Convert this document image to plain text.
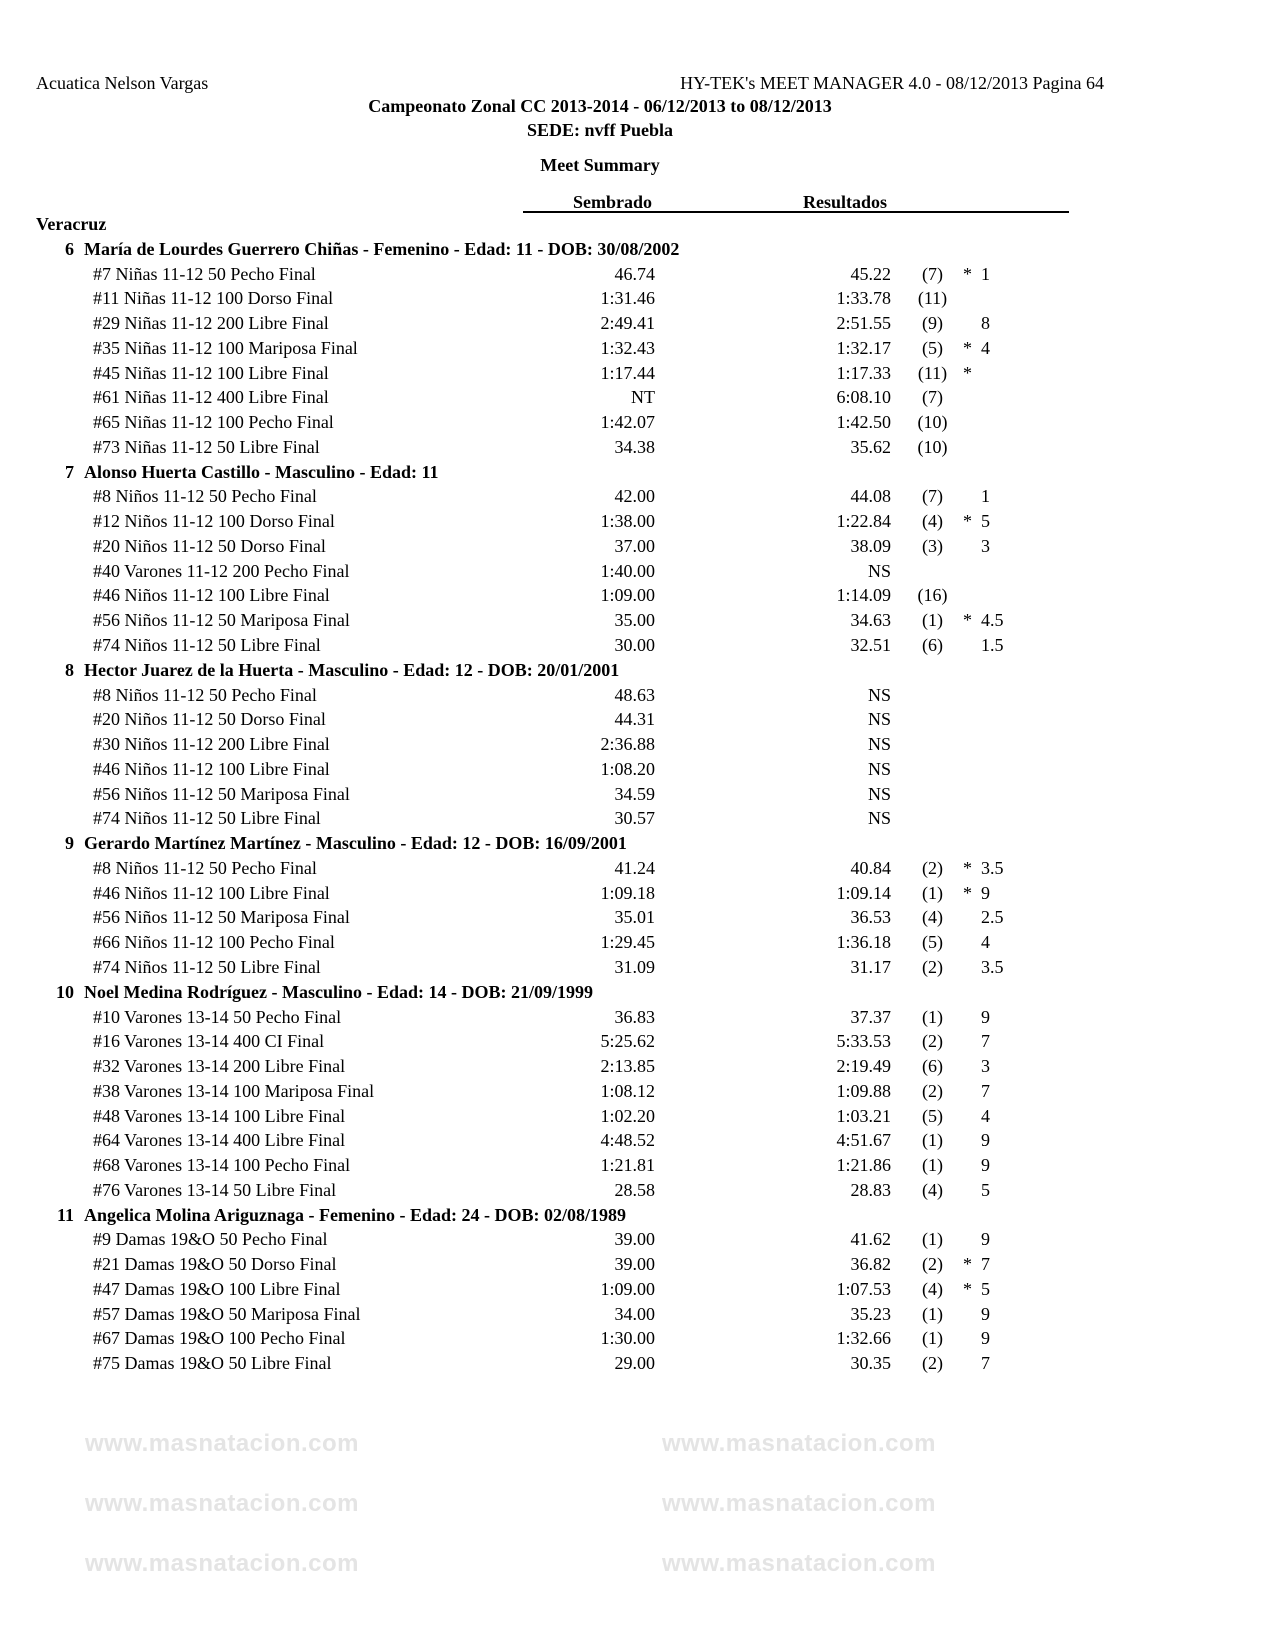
www.masnatacion.com	www.masnatacion.com
www.masnatacion.com	www.masnatacion.com
www.masnatacion.com	www.masnatacion.com
Acuatica Nelson Vargas	HY-TEK's MEET MANAGER 4.0 - 08/12/2013 Pagina 64
Campeonato Zonal CC 2013-2014 - 06/12/2013 to 08/12/2013
SEDE: nvff Puebla
Meet Summary
Sembrado	Resultados
Veracruz
6 María de Lourdes Guerrero Chiñas - Femenino - Edad: 11 - DOB: 30/08/2002
#7 Niñas 11-12 50 Pecho Final	46.74	45.22	(7)	* 1
#11 Niñas 11-12 100 Dorso Final	1:31.46	1:33.78	(11)
#29 Niñas 11-12 200 Libre Final	2:49.41	2:51.55	(9)	8
#35 Niñas 11-12 100 Mariposa Final	1:32.43	1:32.17	(5)	* 4
#45 Niñas 11-12 100 Libre Final	1:17.44	1:17.33	(11) *
#61 Niñas 11-12 400 Libre Final	NT	6:08.10	(7)
#65 Niñas 11-12 100 Pecho Final	1:42.07	1:42.50	(10)
#73 Niñas 11-12 50 Libre Final	34.38	35.62	(10)
7 Alonso Huerta Castillo - Masculino - Edad: 11
#8 Niños 11-12 50 Pecho Final	42.00	44.08	(7)	1
#12 Niños 11-12 100 Dorso Final	1:38.00	1:22.84	(4)	* 5
#20 Niños 11-12 50 Dorso Final	37.00	38.09	(3)	3
#40 Varones 11-12 200 Pecho Final	1:40.00	NS
#46 Niños 11-12 100 Libre Final	1:09.00	1:14.09	(16)
#56 Niños 11-12 50 Mariposa Final	35.00	34.63	(1)	* 4.5
#74 Niños 11-12 50 Libre Final	30.00	32.51	(6)	1.5
8 Hector Juarez de la Huerta - Masculino - Edad: 12 - DOB: 20/01/2001
#8 Niños 11-12 50 Pecho Final	48.63	NS
#20 Niños 11-12 50 Dorso Final	44.31	NS
#30 Niños 11-12 200 Libre Final	2:36.88	NS
#46 Niños 11-12 100 Libre Final	1:08.20	NS
#56 Niños 11-12 50 Mariposa Final	34.59	NS
#74 Niños 11-12 50 Libre Final	30.57	NS
9 Gerardo Martínez Martínez - Masculino - Edad: 12 - DOB: 16/09/2001
#8 Niños 11-12 50 Pecho Final	41.24	40.84	(2)	* 3.5
#46 Niños 11-12 100 Libre Final	1:09.18	1:09.14	(1)	* 9
#56 Niños 11-12 50 Mariposa Final	35.01	36.53	(4)	2.5
#66 Niños 11-12 100 Pecho Final	1:29.45	1:36.18	(5)	4
#74 Niños 11-12 50 Libre Final	31.09	31.17	(2)	3.5
10 Noel Medina Rodríguez - Masculino - Edad: 14 - DOB: 21/09/1999
#10 Varones 13-14 50 Pecho Final	36.83	37.37	(1)	9
#16 Varones 13-14 400 CI Final	5:25.62	5:33.53	(2)	7
#32 Varones 13-14 200 Libre Final	2:13.85	2:19.49	(6)	3
#38 Varones 13-14 100 Mariposa Final	1:08.12	1:09.88	(2)	7
#48 Varones 13-14 100 Libre Final	1:02.20	1:03.21	(5)	4
#64 Varones 13-14 400 Libre Final	4:48.52	4:51.67	(1)	9
#68 Varones 13-14 100 Pecho Final	1:21.81	1:21.86	(1)	9
#76 Varones 13-14 50 Libre Final	28.58	28.83	(4)	5
11 Angelica Molina Ariguznaga - Femenino - Edad: 24 - DOB: 02/08/1989
#9 Damas 19&O 50 Pecho Final	39.00	41.62	(1)	9
#21 Damas 19&O 50 Dorso Final	39.00	36.82	(2)	* 7
#47 Damas 19&O 100 Libre Final	1:09.00	1:07.53	(4)	* 5
#57 Damas 19&O 50 Mariposa Final	34.00	35.23	(1)	9
#67 Damas 19&O 100 Pecho Final	1:30.00	1:32.66	(1)	9
#75 Damas 19&O 50 Libre Final	29.00	30.35	(2)	7
